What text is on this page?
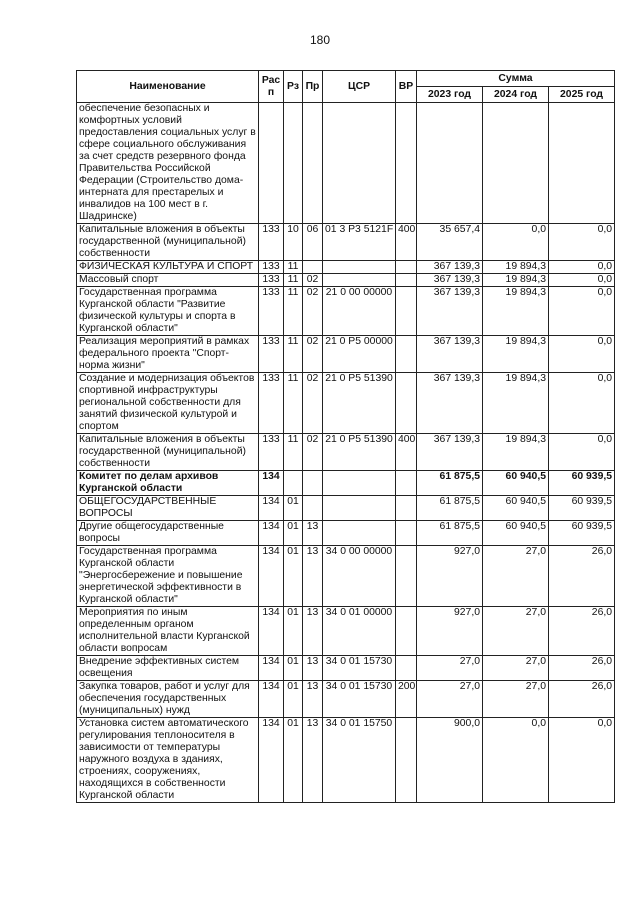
180
Наименование	Рас п	Рз	Пр	ЦСР	ВР	Сумма		
						2023 год	2024 год	2025 год
обеспечение безопасных и комфортных условий предоставления социальных услуг в сфере социального обслуживания за счет средств резервного фонда Правительства Российской Федерации (Строительство дома-интерната для престарелых и инвалидов на 100 мест в г. Шадринске)								
Капитальные вложения в объекты государственной (муниципальной) собственности	133	10	06	01 3 Р3 5121F	400	35 657,4	0,0	0,0
ФИЗИЧЕСКАЯ КУЛЬТУРА И СПОРТ	133	11				367 139,3	19 894,3	0,0
Массовый спорт	133	11	02			367 139,3	19 894,3	0,0
Государственная программа Курганской области "Развитие физической культуры и спорта в Курганской области"	133	11	02	21 0 00 00000		367 139,3	19 894,3	0,0
Реализация мероприятий в рамках федерального проекта "Спорт-норма жизни"	133	11	02	21 0 Р5 00000		367 139,3	19 894,3	0,0
Создание и модернизация объектов спортивной инфраструктуры региональной собственности для занятий физической культурой и спортом	133	11	02	21 0 Р5 51390		367 139,3	19 894,3	0,0
Капитальные вложения в объекты государственной (муниципальной) собственности	133	11	02	21 0 Р5 51390	400	367 139,3	19 894,3	0,0
Комитет по делам архивов Курганской области	134					61 875,5	60 940,5	60 939,5
ОБЩЕГОСУДАРСТВЕННЫЕ ВОПРОСЫ	134	01				61 875,5	60 940,5	60 939,5
Другие общегосударственные вопросы	134	01	13			61 875,5	60 940,5	60 939,5
Государственная программа Курганской области "Энергосбережение и повышение энергетической эффективности в Курганской области"	134	01	13	34 0 00 00000		927,0	27,0	26,0
Мероприятия по иным определенным органом исполнительной власти Курганской области вопросам	134	01	13	34 0 01 00000		927,0	27,0	26,0
Внедрение эффективных систем освещения	134	01	13	34 0 01 15730		27,0	27,0	26,0
Закупка товаров, работ и услуг для обеспечения государственных (муниципальных) нужд	134	01	13	34 0 01 15730	200	27,0	27,0	26,0
Установка систем автоматического регулирования теплоносителя в зависимости от температуры наружного воздуха в зданиях, строениях, сооружениях, находящихся в собственности Курганской области	134	01	13	34 0 01 15750		900,0	0,0	0,0
